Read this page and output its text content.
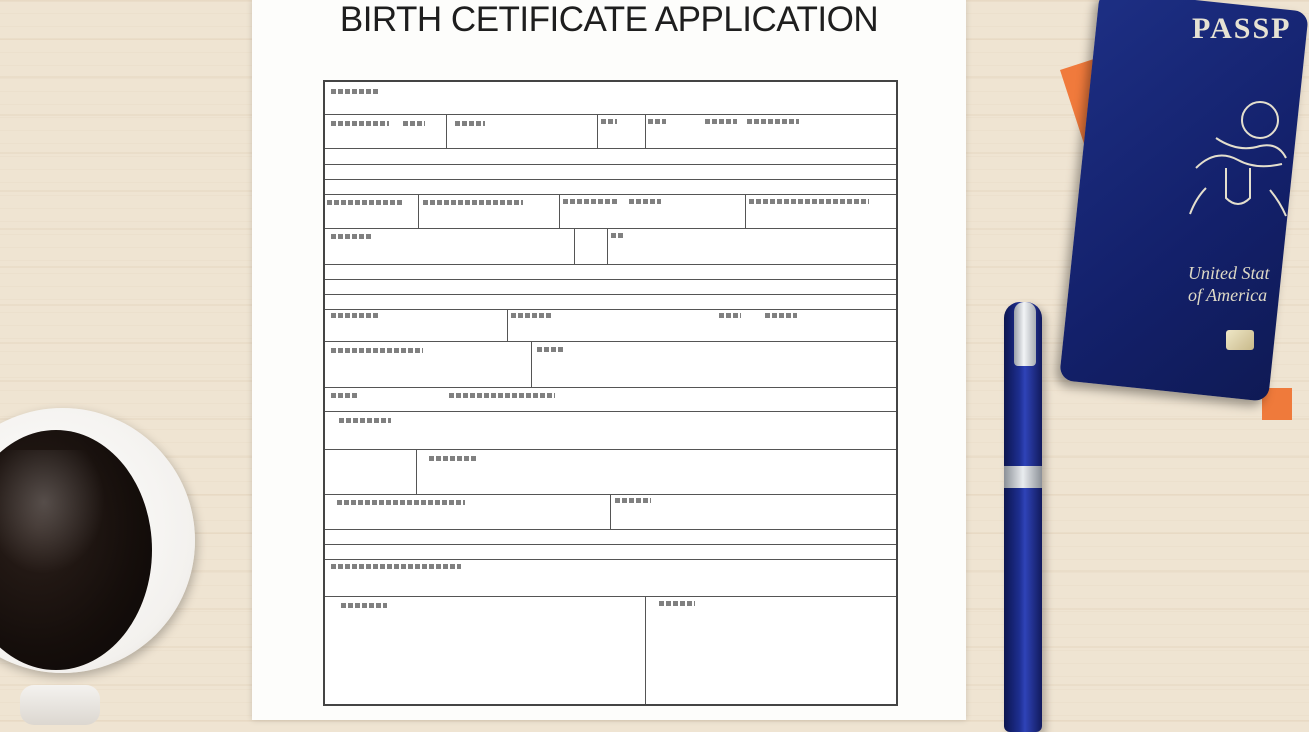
BIRTH CETIFICATE APPLICATION	PASSP
United Stat
of America
